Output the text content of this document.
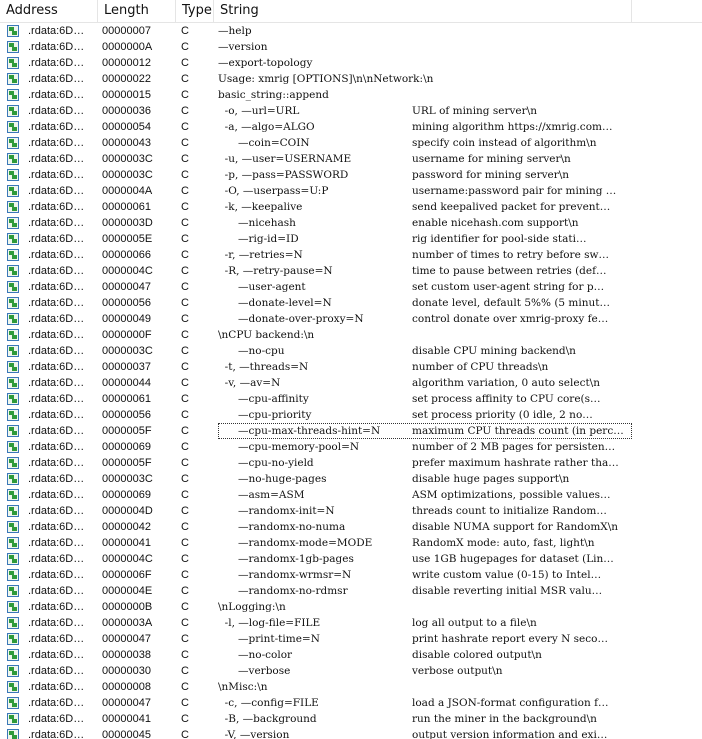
Address	Length	Type String
.rdata:6D…	00000007	C	—help
.rdata:6D…	0000000A	C	—version
.rdata:6D…	00000012	C	—export-topology
.rdata:6D…	00000022	C	Usage: xmrig [OPTIONS]\n\nNetwork:\n
.rdata:6D…	00000015	C	basic_string::append
.rdata:6D…	00000036	C	-o, —url=URL	URL of mining server\n
.rdata:6D…	00000054	C	-a, —algo=ALGO	mining algorithm https://xmrig.com…
.rdata:6D…	00000043	C	—coin=COIN	specify coin instead of algorithm\n
.rdata:6D…	0000003C	C	-u, —user=USERNAME	username for mining server\n
.rdata:6D…	0000003C	C	-p, —pass=PASSWORD	password for mining server\n
.rdata:6D…	0000004A	C	-O, —userpass=U:P	username:password pair for mining …
.rdata:6D…	00000061	C	-k, —keepalive	send keepalived packet for prevent…
.rdata:6D…	0000003D	C	—nicehash	enable nicehash.com support\n
.rdata:6D…	0000005E	C	—rig-id=ID	rig identifier for pool-side stati…
.rdata:6D…	00000066	C	-r, —retries=N	number of times to retry before sw…
.rdata:6D…	0000004C	C	-R, —retry-pause=N	time to pause between retries (def…
.rdata:6D…	00000047	C	—user-agent	set custom user-agent string for p…
.rdata:6D…	00000056	C	—donate-level=N	donate level, default 5%% (5 minut…
.rdata:6D…	00000049	C	—donate-over-proxy=N	control donate over xmrig-proxy fe…
.rdata:6D…	0000000F	C	\nCPU backend:\n
.rdata:6D…	0000003C	C	—no-cpu	disable CPU mining backend\n
.rdata:6D…	00000037	C	-t, —threads=N	number of CPU threads\n
.rdata:6D…	00000044	C	-v, —av=N	algorithm variation, 0 auto select\n
.rdata:6D…	00000061	C	—cpu-affinity	set process affinity to CPU core(s…
.rdata:6D…	00000056	C	—cpu-priority	set process priority (0 idle, 2 no…
.rdata:6D…	0000005F	C	—cpu-max-threads-hint=N	maximum CPU threads count (in perc…
.rdata:6D…	00000069	C	—cpu-memory-pool=N	number of 2 MB pages for persisten…
.rdata:6D…	0000005F	C	—cpu-no-yield	prefer maximum hashrate rather tha…
.rdata:6D…	0000003C	C	—no-huge-pages	disable huge pages support\n
.rdata:6D…	00000069	C	—asm=ASM	ASM optimizations, possible values…
.rdata:6D…	0000004D	C	—randomx-init=N	threads count to initialize Random…
.rdata:6D…	00000042	C	—randomx-no-numa	disable NUMA support for RandomX\n
.rdata:6D…	00000041	C	—randomx-mode=MODE	RandomX mode: auto, fast, light\n
.rdata:6D…	0000004C	C	—randomx-1gb-pages	use 1GB hugepages for dataset (Lin…
.rdata:6D…	0000006F	C	—randomx-wrmsr=N	write custom value (0-15) to Intel…
.rdata:6D…	0000004E	C	—randomx-no-rdmsr	disable reverting initial MSR valu…
.rdata:6D…	0000000B	C	\nLogging:\n
.rdata:6D…	0000003A	C	-l, —log-file=FILE	log all output to a file\n
.rdata:6D…	00000047	C	—print-time=N	print hashrate report every N seco…
.rdata:6D…	00000038	C	—no-color	disable colored output\n
.rdata:6D…	00000030	C	—verbose	verbose output\n
.rdata:6D…	00000008	C	\nMisc:\n
.rdata:6D…	00000047	C	-c, —config=FILE	load a JSON-format configuration f…
.rdata:6D…	00000041	C	-B, —background	run the miner in the background\n
.rdata:6D…	00000045	C	-V, —version	output version information and exi…
